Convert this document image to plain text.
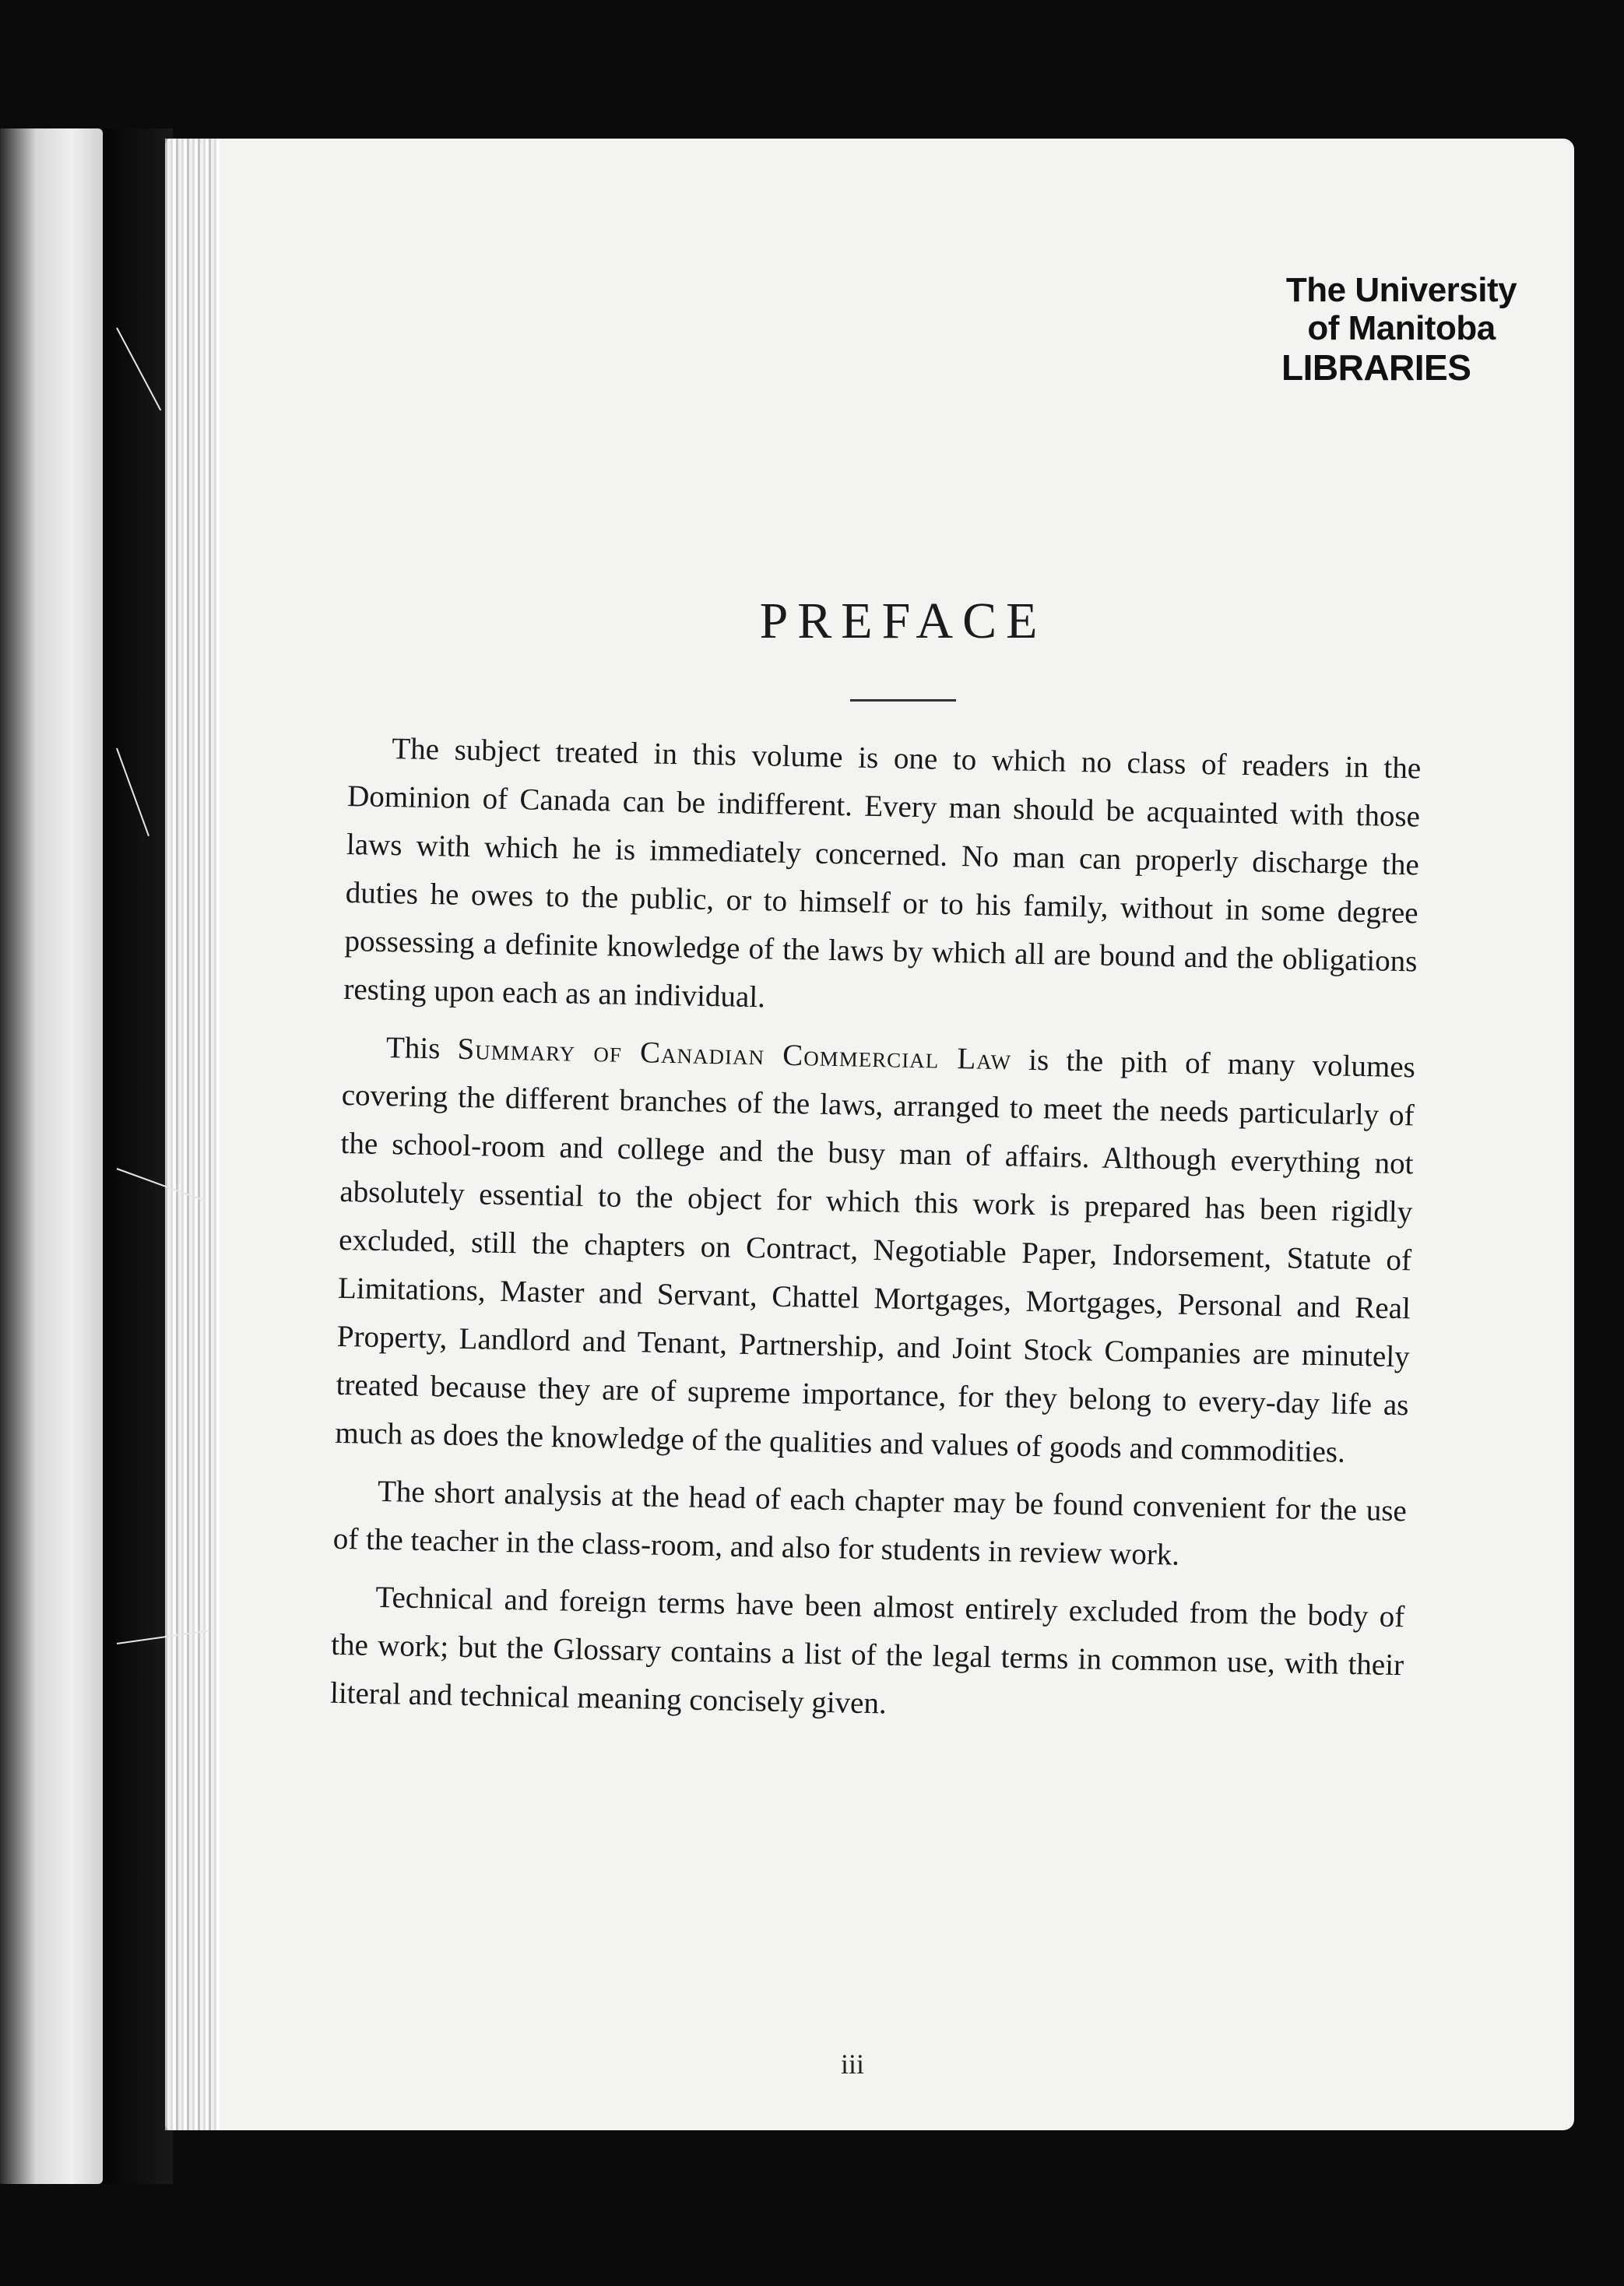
The University
of Manitoba
LIBRARIES
PREFACE

The subject treated in this volume is one to which no class of readers in the Dominion of Canada can be indifferent. Every man should be acquainted with those laws with which he is immediately concerned. No man can properly discharge the duties he owes to the public, or to himself or to his family, without in some degree possessing a definite knowledge of the laws by which all are bound and the obligations resting upon each as an individual.

This Summary of Canadian Commercial Law is the pith of many volumes covering the different branches of the laws, arranged to meet the needs particularly of the school-room and college and the busy man of affairs. Although everything not absolutely essential to the object for which this work is prepared has been rigidly excluded, still the chapters on Contract, Negotiable Paper, Indorsement, Statute of Limitations, Master and Servant, Chattel Mortgages, Mortgages, Personal and Real Property, Landlord and Tenant, Partnership, and Joint Stock Companies are minutely treated because they are of supreme importance, for they belong to every-day life as much as does the knowledge of the qualities and values of goods and commodities.

The short analysis at the head of each chapter may be found convenient for the use of the teacher in the class-room, and also for students in review work.

Technical and foreign terms have been almost entirely excluded from the body of the work; but the Glossary contains a list of the legal terms in common use, with their literal and technical meaning concisely given.

iii
